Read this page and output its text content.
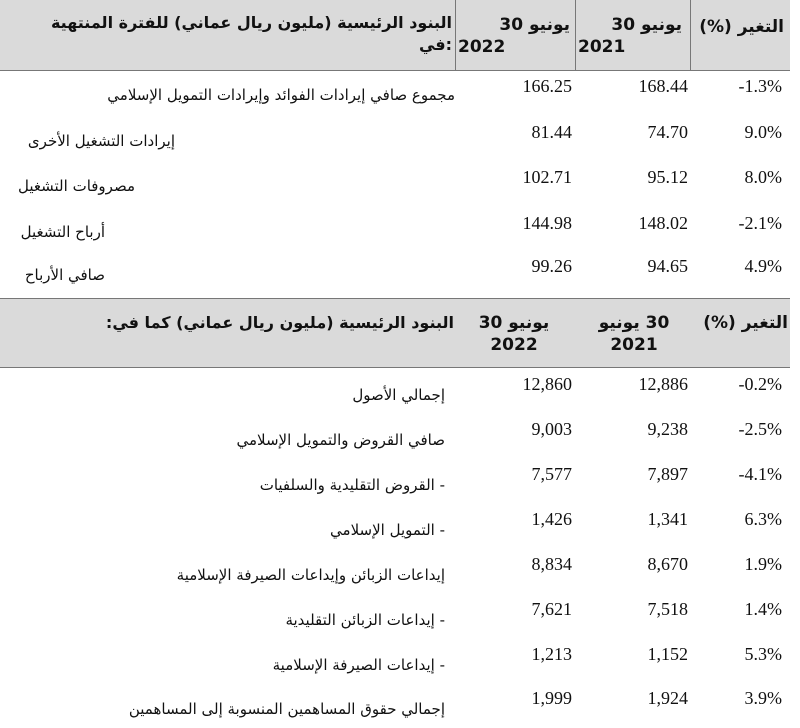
التغير (%)
يونيو 30
2021
يونيو 30
2022
البنود الرئيسية (مليون ريال عماني) للفترة المنتهية
:في
مجموع صافي إيرادات الفوائد وإيرادات التمويل الإسلامي	166.25	168.44	-1.3%
إيرادات التشغيل الأخرى	81.44	74.70	9.0%
مصروفات التشغيل	102.71	95.12	8.0%
أرباح التشغيل	144.98	148.02	-2.1%
صافي الأرباح	99.26	94.65	4.9%
التغير (%)
30 يونيو
2021
يونيو 30
2022
البنود الرئيسية (مليون ريال عماني) كما في:
إجمالي الأصول
12,860	12,886	-0.2%
صافي القروض والتمويل الإسلامي
9,003	9,238	-2.5%
- القروض التقليدية والسلفيات
7,577	7,897	-4.1%
- التمويل الإسلامي
1,426	1,341	6.3%
إيداعات الزبائن وإيداعات الصيرفة الإسلامية
8,834	8,670	1.9%
- إيداعات الزبائن التقليدية
7,621	7,518	1.4%
- إيداعات الصيرفة الإسلامية
1,213	1,152	5.3%
إجمالي حقوق المساهمين المنسوبة إلى المساهمين
1,999	1,924	3.9%
